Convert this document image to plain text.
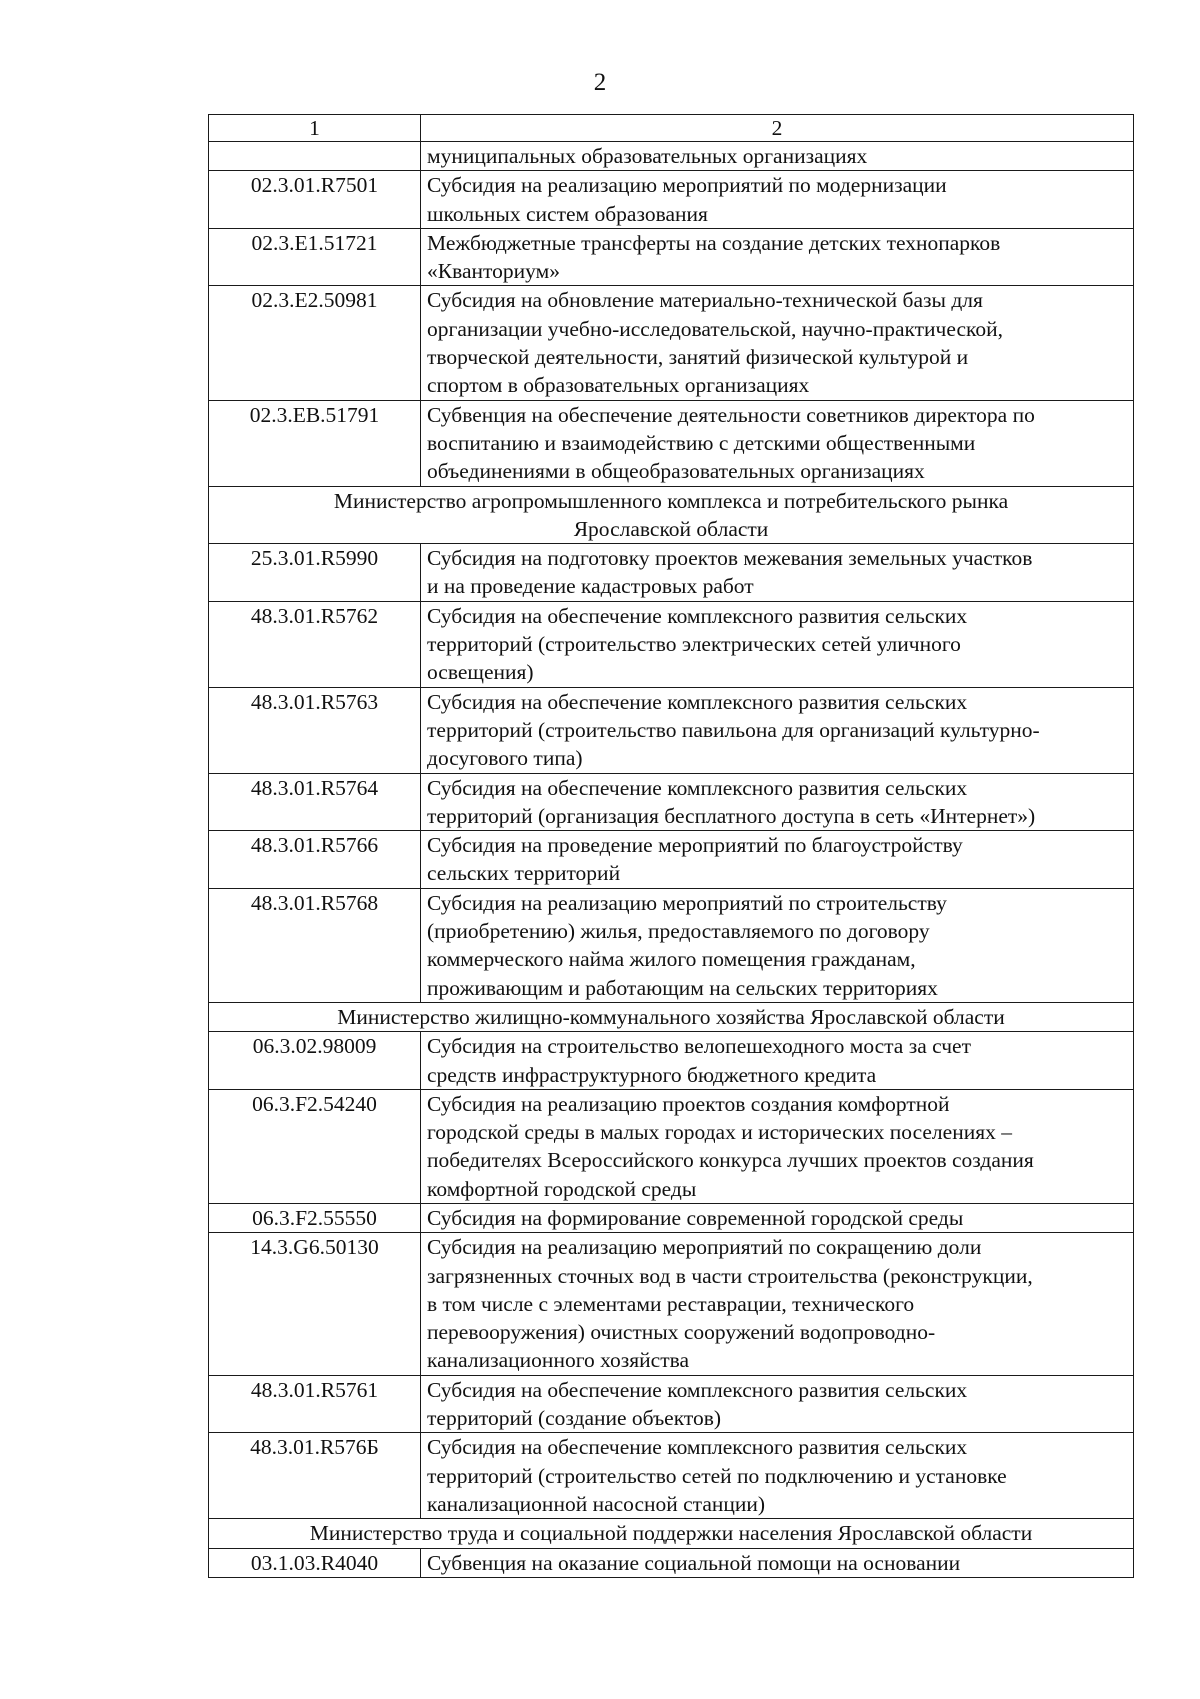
2
1	2
	муниципальных образовательных организациях
02.3.01.R7501	Субсидия на реализацию мероприятий по модернизации
школьных систем образования
02.3.E1.51721	Межбюджетные трансферты на создание детских технопарков
«Кванториум»
02.3.E2.50981	Субсидия на обновление материально-технической базы для
организации учебно-исследовательской, научно-практической,
творческой деятельности, занятий физической культурой и
спортом в образовательных организациях
02.3.EB.51791	Субвенция на обеспечение деятельности советников директора по
воспитанию и взаимодействию с детскими общественными
объединениями в общеобразовательных организациях
Министерство агропромышленного комплекса и потребительского рынка
Ярославской области	
25.3.01.R5990	Субсидия на подготовку проектов межевания земельных участков
и на проведение кадастровых работ
48.3.01.R5762	Субсидия на обеспечение комплексного развития сельских
территорий (строительство электрических сетей уличного
освещения)
48.3.01.R5763	Субсидия на обеспечение комплексного развития сельских
территорий (строительство павильона для организаций культурно-
досугового типа)
48.3.01.R5764	Субсидия на обеспечение комплексного развития сельских
территорий (организация бесплатного доступа в сеть «Интернет»)
48.3.01.R5766	Субсидия на проведение мероприятий по благоустройству
сельских территорий
48.3.01.R5768	Субсидия на реализацию мероприятий по строительству
(приобретению) жилья, предоставляемого по договору
коммерческого найма жилого помещения гражданам,
проживающим и работающим на сельских территориях
Министерство жилищно-коммунального хозяйства Ярославской области	
06.3.02.98009	Субсидия на строительство велопешеходного моста за счет
средств инфраструктурного бюджетного кредита
06.3.F2.54240	Субсидия на реализацию проектов создания комфортной
городской среды в малых городах и исторических поселениях –
победителях Всероссийского конкурса лучших проектов создания
комфортной городской среды
06.3.F2.55550	Субсидия на формирование современной городской среды
14.3.G6.50130	Субсидия на реализацию мероприятий по сокращению доли
загрязненных сточных вод в части строительства (реконструкции,
в том числе с элементами реставрации, технического
перевооружения) очистных сооружений водопроводно-
канализационного хозяйства
48.3.01.R5761	Субсидия на обеспечение комплексного развития сельских
территорий (создание объектов)
48.3.01.R576Б	Субсидия на обеспечение комплексного развития сельских
территорий (строительство сетей по подключению и установке
канализационной насосной станции)
Министерство труда и социальной поддержки населения Ярославской области	
03.1.03.R4040	Субвенция на оказание социальной помощи на основании
